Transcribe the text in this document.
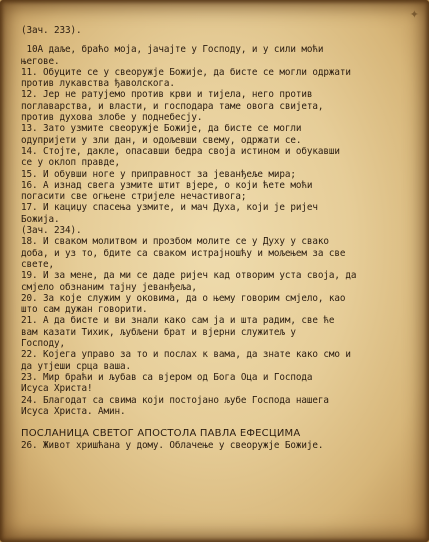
✦
(Зач. 233).
10А даље, браћо моја, јачајте у Господу, и у сили моћи
његове.
11. Обуците се у свеоружје Божије, да бисте се могли одржати
против лукавства ђаволскога.
12. Јер не ратујемо против крви и тијела, него против
поглаварства, и власти, и господара таме овога свијета,
против духова злобе у поднебесју.
13. Зато узмите свеоружје Божије, да бисте се могли
одупријети у зли дан, и одољевши свему, одржати се.
14. Стојте, дакле, опасавши бедра своја истином и обукавши
се у оклоп правде,
15. И обувши ноге у приправност за јеванђеље мира;
16. А изнад свега узмите штит вјере, о који ћете моћи
погасити све огњене стријеле нечастивога;
17. И кациџу спасења узмите, и мач Духа, који је ријеч
Божија.
(Зач. 234).
18. И сваком молитвом и прозбом молите се у Духу у свако
доба, и уз то, бдите са сваком истрајношћу и мољењем за све
свете,
19. И за мене, да ми се даде ријеч кад отворим уста своја, да
смјело обзнаним тајну јеванђеља,
20. За које служим у оковима, да о њему говорим смјело, као
што сам дужан говорити.
21. А да бисте и ви знали како сам ја и шта радим, све ће
вам казати Тихик, љубљени брат и вјерни служитељ у
Господу,
22. Којега управо за то и послах к вама, да знате како смо и
да утјеши срца ваша.
23. Мир браћи и љубав са вјером од Бога Оца и Господа
Исуса Христа!
24. Благодат са свима који постојано љубе Господа нашега
Исуса Христа. Амин.
ПОСЛАНИЦА СВЕТОГ АПОСТОЛА ПАВЛА ЕФЕСЦИМА
26. Живот хришћана у дому. Облачење у свеоружје Божије.
